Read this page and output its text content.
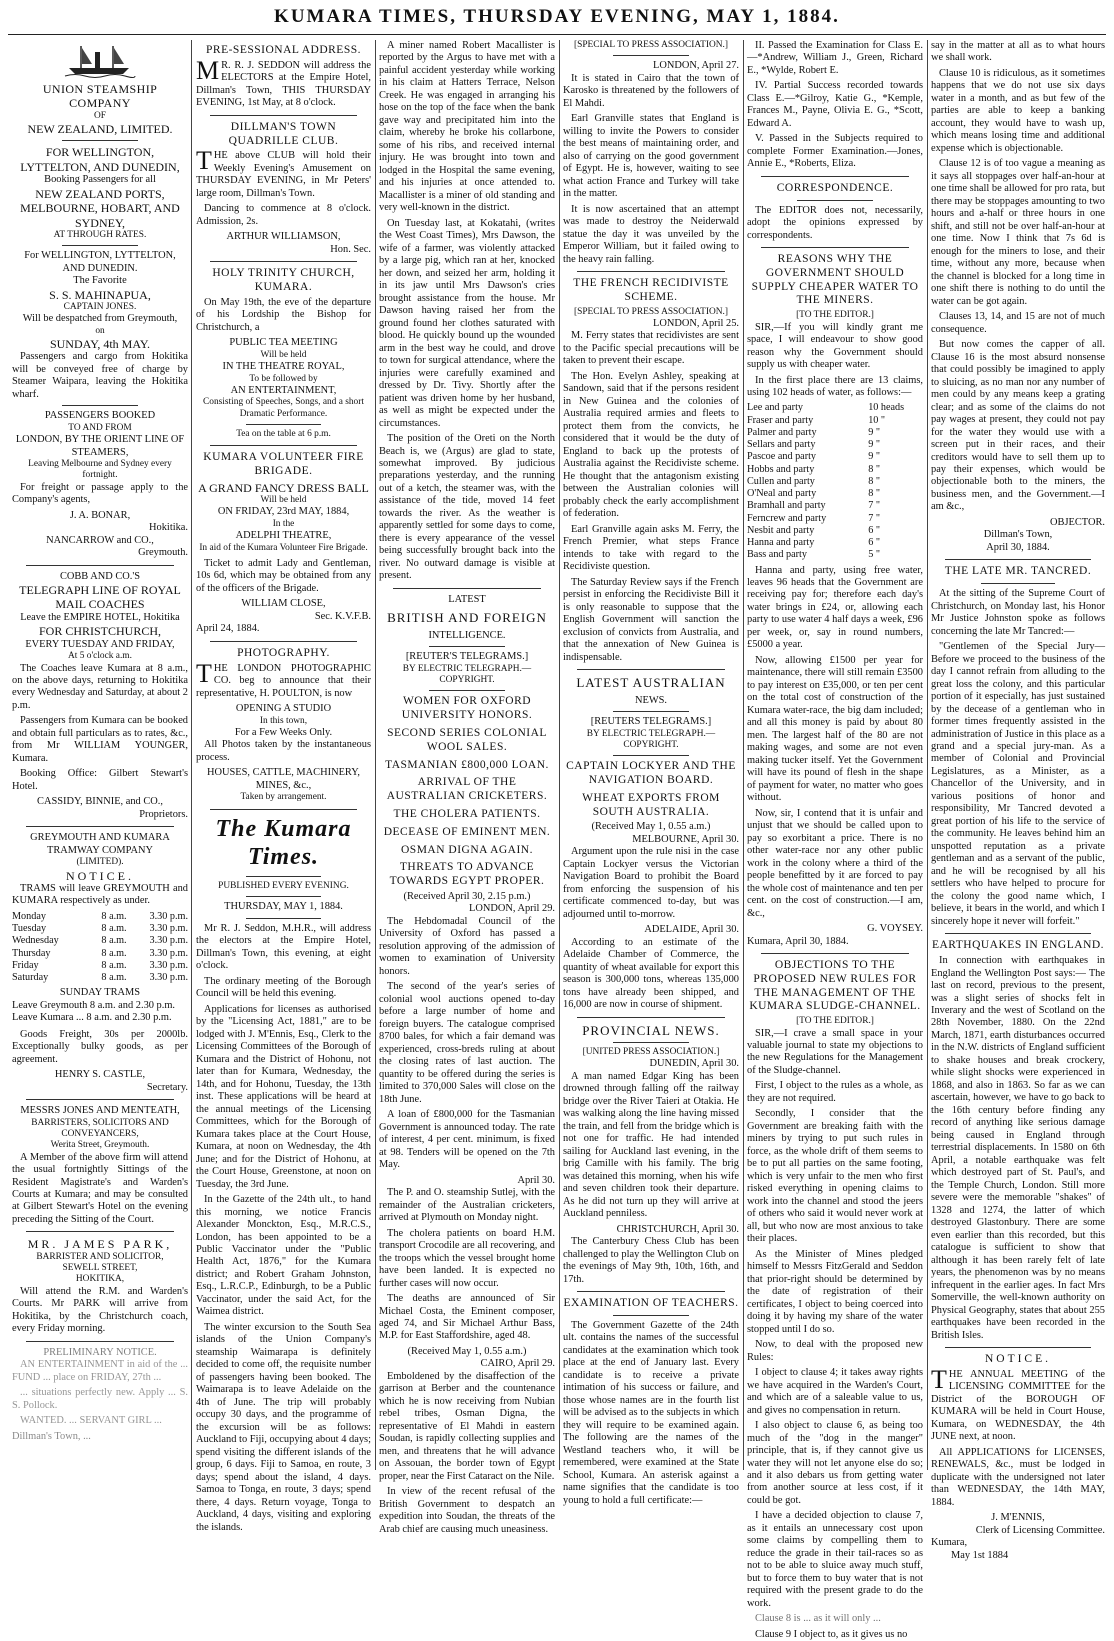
KUMARA TIMES, THURSDAY EVENING, MAY 1, 1884.
UNION STEAMSHIP COMPANY
OF
NEW ZEALAND, LIMITED.
FOR WELLINGTON, LYTTELTON, AND DUNEDIN,
Booking Passengers for all
NEW ZEALAND PORTS, MELBOURNE, HOBART, AND SYDNEY,
AT THROUGH RATES.
For WELLINGTON, LYTTELTON, AND DUNEDIN.
The Favorite
S. S. MAHINAPUA,
CAPTAIN JONES.
Will be despatched from Greymouth,
on
SUNDAY, 4th MAY.

Passengers and cargo from Hokitika will be conveyed free of charge by Steamer Waipara, leaving the Hokitika wharf.

PASSENGERS BOOKED
TO AND FROM
LONDON, BY THE ORIENT LINE OF STEAMERS,
Leaving Melbourne and Sydney every fortnight.

For freight or passage apply to the Company's agents,

J. A. BONAR,
Hokitika.
NANCARROW and CO.,
Greymouth.
COBB AND CO.'S
TELEGRAPH LINE OF ROYAL MAIL COACHES
Leave the EMPIRE HOTEL, Hokitika
FOR CHRISTCHURCH,
EVERY TUESDAY AND FRIDAY,
At 5 o'clock a.m.

The Coaches leave Kumara at 8 a.m., on the above days, returning to Hokitika every Wednesday and Saturday, at about 2 p.m.

Passengers from Kumara can be booked and obtain full particulars as to rates, &c., from Mr WILLIAM YOUNGER, Kumara.

Booking Office: Gilbert Stewart's Hotel.

CASSIDY, BINNIE, and CO.,
Proprietors.
GREYMOUTH AND KUMARA TRAMWAY COMPANY
(LIMITED).
NOTICE.

TRAMS will leave GREYMOUTH and KUMARA respectively as under.

Monday	8 a.m.	3.30 p.m.
Tuesday	8 a.m.	3.30 p.m.
Wednesday	8 a.m.	3.30 p.m.
Thursday	8 a.m.	3.30 p.m.
Friday	8 a.m.	3.30 p.m.
Saturday	8 a.m.	3.30 p.m.
SUNDAY TRAMS
Leave Greymouth 8 a.m. and 2.30 p.m.
Leave Kumara ... 8 a.m. and 2.30 p.m.

Goods Freight, 30s per 2000lb. Exceptionally bulky goods, as per agreement.

HENRY S. CASTLE,
Secretary.
MESSRS JONES AND MENTEATH,
BARRISTERS, SOLICITORS AND CONVEYANCERS,
Werita Street, Greymouth.

A Member of the above firm will attend the usual fortnightly Sittings of the Resident Magistrate's and Warden's Courts at Kumara; and may be consulted at Gilbert Stewart's Hotel on the evening preceding the Sitting of the Court.

MR. JAMES PARK,
BARRISTER AND SOLICITOR,
SEWELL STREET,
HOKITIKA,

Will attend the R.M. and Warden's Courts. Mr PARK will arrive from Hokitika, by the Christchurch coach, every Friday morning.

PRELIMINARY NOTICE.

AN ENTERTAINMENT in aid of the ... FUND ... place on FRIDAY, 27th ...

... situations perfectly new. Apply ... S. S. Pollock.

WANTED. ... SERVANT GIRL ...

Dillman's Town, ...
PRE-SESSIONAL ADDRESS.

MR. R. J. SEDDON will address the ELECTORS at the Empire Hotel, Dillman's Town, THIS THURSDAY EVENING, 1st May, at 8 o'clock.

DILLMAN'S TOWN QUADRILLE CLUB.

THE above CLUB will hold their Weekly Evening's Amusement on THURSDAY EVENING, in Mr Peters' large room, Dillman's Town.

Dancing to commence at 8 o'clock. Admission, 2s.

ARTHUR WILLIAMSON,
Hon. Sec.
HOLY TRINITY CHURCH, KUMARA.

On May 19th, the eve of the departure of his Lordship the Bishop for Christchurch, a

PUBLIC TEA MEETING
Will be held
IN THE THEATRE ROYAL,
To be followed by
AN ENTERTAINMENT,
Consisting of Speeches, Songs, and a short Dramatic Performance.
Tea on the table at 6 p.m.
KUMARA VOLUNTEER FIRE BRIGADE.
A GRAND FANCY DRESS BALL
Will be held
ON FRIDAY, 23rd MAY, 1884,
In the
ADELPHI THEATRE,
In aid of the Kumara Volunteer Fire Brigade.

Ticket to admit Lady and Gentleman, 10s 6d, which may be obtained from any of the officers of the Brigade.

WILLIAM CLOSE,
Sec. K.V.F.B.
April 24, 1884.
PHOTOGRAPHY.

THE LONDON PHOTOGRAPHIC CO. beg to announce that their representative, H. POULTON, is now

OPENING A STUDIO
In this town,
For a Few Weeks Only.

All Photos taken by the instantaneous process.

HOUSES, CATTLE, MACHINERY, MINES, &c.,
Taken by arrangement.
The Kumara Times.
PUBLISHED EVERY EVENING.
THURSDAY, MAY 1, 1884.

Mr R. J. Seddon, M.H.R., will address the electors at the Empire Hotel, Dillman's Town, this evening, at eight o'clock.

The ordinary meeting of the Borough Council will be held this evening.

Applications for licenses as authorised by the "Licensing Act, 1881," are to be lodged with J. M'Ennis, Esq., Clerk to the Licensing Committees of the Borough of Kumara and the District of Hohonu, not later than for Kumara, Wednesday, the 14th, and for Hohonu, Tuesday, the 13th inst. These applications will be heard at the annual meetings of the Licensing Committees, which for the Borough of Kumara takes place at the Court House, Kumara, at noon on Wednesday, the 4th June; and for the District of Hohonu, at the Court House, Greenstone, at noon on Tuesday, the 3rd June.

In the Gazette of the 24th ult., to hand this morning, we notice Francis Alexander Monckton, Esq., M.R.C.S., London, has been appointed to be a Public Vaccinator under the "Public Health Act, 1876," for the Kumara district; and Robert Graham Johnston, Esq., L.R.C.P., Edinburgh, to be a Public Vaccinator, under the said Act, for the Waimea district.

The winter excursion to the South Sea islands of the Union Company's steamship Waimarapa is definitely decided to come off, the requisite number of passengers having been booked. The Waimarapa is to leave Adelaide on the 4th of June. The trip will probably occupy 30 days, and the programme of the excursion will be as follows: Auckland to Fiji, occupying about 4 days; spend visiting the different islands of the group, 6 days. Fiji to Samoa, en route, 3 days; spend about the island, 4 days. Samoa to Tonga, en route, 3 days; spend there, 4 days. Return voyage, Tonga to Auckland, 4 days, visiting and exploring the islands.

A miner named Robert Macallister is reported by the Argus to have met with a painful accident yesterday while working in his claim at Hatters Terrace, Nelson Creek. He was engaged in arranging his hose on the top of the face when the bank gave way and precipitated him into the claim, whereby he broke his collarbone, some of his ribs, and received internal injury. He was brought into town and lodged in the Hospital the same evening, and his injuries at once attended to. Macallister is a miner of old standing and very well-known in the district.

On Tuesday last, at Kokatahi, (writes the West Coast Times), Mrs Dawson, the wife of a farmer, was violently attacked by a large pig, which ran at her, knocked her down, and seized her arm, holding it in its jaw until Mrs Dawson's cries brought assistance from the house. Mr Dawson having raised her from the ground found her clothes saturated with blood. He quickly bound up the wounded arm in the best way he could, and drove to town for surgical attendance, where the injuries were carefully examined and dressed by Dr. Tivy. Shortly after the patient was driven home by her husband, as well as might be expected under the circumstances.

The position of the Oreti on the North Beach is, we (Argus) are glad to state, somewhat improved. By judicious preparations yesterday, and the running out of a ketch, the steamer was, with the assistance of the tide, moved 14 feet towards the river. As the weather is apparently settled for some days to come, there is every appearance of the vessel being successfully brought back into the river. No outward damage is visible at present.

LATEST
BRITISH AND FOREIGN
INTELLIGENCE.
[REUTER'S TELEGRAMS.]
BY ELECTRIC TELEGRAPH.—COPYRIGHT.
WOMEN FOR OXFORD UNIVERSITY HONORS.
SECOND SERIES COLONIAL WOOL SALES.
TASMANIAN £800,000 LOAN.
ARRIVAL OF THE AUSTRALIAN CRICKETERS.
THE CHOLERA PATIENTS.
DECEASE OF EMINENT MEN.
OSMAN DIGNA AGAIN.
THREATS TO ADVANCE TOWARDS EGYPT PROPER.
(Received April 30, 2.15 p.m.)
LONDON, April 29.

The Hebdomadal Council of the University of Oxford has passed a resolution approving of the admission of women to examination of University honors.

The second of the year's series of colonial wool auctions opened to-day before a large number of home and foreign buyers. The catalogue comprised 8700 bales, for which a fair demand was experienced, cross-breds ruling at about the closing rates of last auction. The quantity to be offered during the series is limited to 370,000 Sales will close on the 18th June.

A loan of £800,000 for the Tasmanian Government is announced today. The rate of interest, 4 per cent. minimum, is fixed at 98. Tenders will be opened on the 7th May.

April 30.

The P. and O. steamship Sutlej, with the remainder of the Australian cricketers, arrived at Plymouth on Monday night.

The cholera patients on board H.M. transport Crocodile are all recovering, and the troops which the vessel brought home have been landed. It is expected no further cases will now occur.

The deaths are announced of Sir Michael Costa, the Eminent composer, aged 74, and Sir Michael Arthur Bass, M.P. for East Staffordshire, aged 48.

(Received May 1, 0.55 a.m.)
CAIRO, April 29.

Emboldened by the disaffection of the garrison at Berber and the countenance which he is now receiving from Nubian rebel tribes, Osman Digna, the representative of El Mahdi in eastern Soudan, is rapidly collecting supplies and men, and threatens that he will advance on Assouan, the border town of Egypt proper, near the First Cataract on the Nile.

In view of the recent refusal of the British Government to despatch an expedition into Soudan, the threats of the Arab chief are causing much uneasiness.

[SPECIAL TO PRESS ASSOCIATION.]
LONDON, April 27.

It is stated in Cairo that the town of Karosko is threatened by the followers of El Mahdi.

Earl Granville states that England is willing to invite the Powers to consider the best means of maintaining order, and also of carrying on the good government of Egypt. He is, however, waiting to see what action France and Turkey will take in the matter.

It is now ascertained that an attempt was made to destroy the Neiderwald statue the day it was unveiled by the Emperor William, but it failed owing to the heavy rain falling.

THE FRENCH RECIDIVISTE SCHEME.
[SPECIAL TO PRESS ASSOCIATION.]
LONDON, April 25.

M. Ferry states that recidivistes are sent to the Pacific special precautions will be taken to prevent their escape.

The Hon. Evelyn Ashley, speaking at Sandown, said that if the persons resident in New Guinea and the colonies of Australia required armies and fleets to protect them from the convicts, he considered that it would be the duty of England to back up the protests of Australia against the Recidiviste scheme. He thought that the antagonism existing between the Australian colonies will probably check the early accomplishment of federation.

Earl Granville again asks M. Ferry, the French Premier, what steps France intends to take with regard to the Recidiviste question.

The Saturday Review says if the French persist in enforcing the Recidiviste Bill it is only reasonable to suppose that the English Government will sanction the exclusion of convicts from Australia, and that the annexation of New Guinea is indispensable.

LATEST AUSTRALIAN
NEWS.
[REUTERS TELEGRAMS.]
BY ELECTRIC TELEGRAPH.—COPYRIGHT.
CAPTAIN LOCKYER AND THE NAVIGATION BOARD.
WHEAT EXPORTS FROM SOUTH AUSTRALIA.
(Received May 1, 0.55 a.m.)
MELBOURNE, April 30.

Argument upon the rule nisi in the case Captain Lockyer versus the Victorian Navigation Board to prohibit the Board from enforcing the suspension of his certificate commenced to-day, but was adjourned until to-morrow.

ADELAIDE, April 30.

According to an estimate of the Adelaide Chamber of Commerce, the quantity of wheat available for export this season is 300,000 tons, whereas 135,000 tons have already been shipped, and 16,000 are now in course of shipment.

PROVINCIAL NEWS.
[UNITED PRESS ASSOCIATION.]
DUNEDIN, April 30.

A man named Edgar King has been drowned through falling off the railway bridge over the River Taieri at Otakia. He was walking along the line having missed the train, and fell from the bridge which is not one for traffic. He had intended sailing for Auckland last evening, in the brig Camille with his family. The brig was detained this morning, when his wife and seven children took their departure. As he did not turn up they will arrive at Auckland penniless.

CHRISTCHURCH, April 30.

The Canterbury Chess Club has been challenged to play the Wellington Club on the evenings of May 9th, 10th, 16th, and 17th.

EXAMINATION OF TEACHERS.

The Government Gazette of the 24th ult. contains the names of the successful candidates at the examination which took place at the end of January last. Every candidate is to receive a private intimation of his success or failure, and those whose names are in the fourth list will be advised as to the subjects in which they will require to be examined again. The following are the names of the Westland teachers who, it will be remembered, were examined at the State School, Kumara. An asterisk against a name signifies that the candidate is too young to hold a full certificate:—

II. Passed the Examination for Class E.—*Andrew, William J., Green, Richard E., *Wylde, Robert E.

IV. Partial Success recorded towards Class E.—*Gilroy, Katie G., *Kemple, Frances M., Payne, Olivia E. G., *Scott, Edward A.

V. Passed in the Subjects required to complete Former Examination.—Jones, Annie E., *Roberts, Eliza.

CORRESPONDENCE.

The EDITOR does not, necessarily, adopt the opinions expressed by correspondents.

REASONS WHY THE GOVERNMENT SHOULD SUPPLY CHEAPER WATER TO THE MINERS.
[TO THE EDITOR.]

SIR,—If you will kindly grant me space, I will endeavour to show good reason why the Government should supply us with cheaper water.

In the first place there are 13 claims, using 102 heads of water, as follows:—

Lee and party	10 heads
Fraser and party	10 "
Palmer and party	9 "
Sellars and party	9 "
Pascoe and party	9 "
Hobbs and party	8 "
Cullen and party	8 "
O'Neal and party	8 "
Bramhall and party	7 "
Ferncrew and party	7 "
Nesbit and party	6 "
Hanna and party	6 "
Bass and party	5 "

Hanna and party, using free water, leaves 96 heads that the Government are receiving pay for; therefore each day's water brings in £24, or, allowing each party to use water 4 half days a week, £96 per week, or, say in round numbers, £5000 a year.

Now, allowing £1500 per year for maintenance, there will still remain £3500 to pay interest on £35,000, or ten per cent on the total cost of construction of the Kumara water-race, the big dam included; and all this money is paid by about 80 men. The largest half of the 80 are not making wages, and some are not even making tucker itself. Yet the Government will have its pound of flesh in the shape of payment for water, no matter who goes without.

Now, sir, I contend that it is unfair and unjust that we should be called upon to pay so exorbitant a price. There is no other water-race nor any other public work in the colony where a third of the people benefitted by it are forced to pay the whole cost of maintenance and ten per cent. on the cost of construction.—I am, &c.,

G. VOYSEY.
Kumara, April 30, 1884.
OBJECTIONS TO THE PROPOSED NEW RULES FOR THE MANAGEMENT OF THE KUMARA SLUDGE-CHANNEL.
[TO THE EDITOR.]

SIR,—I crave a small space in your valuable journal to state my objections to the new Regulations for the Management of the Sludge-channel.

First, I object to the rules as a whole, as they are not required.

Secondly, I consider that the Government are breaking faith with the miners by trying to put such rules in force, as the whole drift of them seems to be to put all parties on the same footing, which is very unfair to the men who first risked everything in opening claims to work into the channel and stood the jeers of others who said it would never work at all, but who now are most anxious to take their places.

As the Minister of Mines pledged himself to Messrs FitzGerald and Seddon that prior-right should be determined by the date of registration of their certificates, I object to being coerced into doing it by having my share of the water stopped until I do so.

Now, to deal with the proposed new Rules:

I object to clause 4; it takes away rights we have acquired in the Warden's Court, and which are of a saleable value to us, and gives no compensation in return.

I also object to clause 6, as being too much of the "dog in the manger" principle, that is, if they cannot give us water they will not let anyone else do so; and it also debars us from getting water from another source at less cost, if it could be got.

I have a decided objection to clause 7, as it entails an unnecessary cost upon some claims by compelling them to reduce the grade in their tail-races so as not to be able to sluice away much stuff, but to force them to buy water that is not required with the present grade to do the work.

Clause 8 is ... as it will only ...

Clause 9 I object to, as it gives us no

say in the matter at all as to what hours we shall work.

Clause 10 is ridiculous, as it sometimes happens that we do not use six days water in a month, and as but few of the parties are able to keep a banking account, they would have to wash up, which means losing time and additional expense which is objectionable.

Clause 12 is of too vague a meaning as it says all stoppages over half-an-hour at one time shall be allowed for pro rata, but there may be stoppages amounting to two hours and a-half or three hours in one shift, and still not be over half-an-hour at one time. Now I think that 7s 6d is enough for the miners to lose, and their time, without any more, because when the channel is blocked for a long time in one shift there is nothing to do until the water can be got again.

Clauses 13, 14, and 15 are not of much consequence.

But now comes the capper of all. Clause 16 is the most absurd nonsense that could possibly be imagined to apply to sluicing, as no man nor any number of men could by any means keep a grating clear; and as some of the claims do not pay wages at present, they could not pay for the water they would use with a screen put in their races, and their creditors would have to sell them up to pay their expenses, which would be objectionable both to the miners, the business men, and the Government.—I am &c.,

OBJECTOR.
Dillman's Town,
April 30, 1884.
THE LATE MR. TANCRED.

At the sitting of the Supreme Court of Christchurch, on Monday last, his Honor Mr Justice Johnston spoke as follows concerning the late Mr Tancred:—

"Gentlemen of the Special Jury—Before we proceed to the business of the day I cannot refrain from alluding to the great loss the colony, and this particular portion of it especially, has just sustained by the decease of a gentleman who in former times frequently assisted in the administration of Justice in this place as a grand and a special jury-man. As a member of Colonial and Provincial Legislatures, as a Minister, as a Chancellor of the University, and in various positions of honor and responsibility, Mr Tancred devoted a great portion of his life to the service of the community. He leaves behind him an unspotted reputation as a private gentleman and as a servant of the public, and he will be recognised by all his settlers who have helped to procure for the colony the good name which, I believe, it bears in the world, and which I sincerely hope it never will forfeit."

EARTHQUAKES IN ENGLAND.

In connection with earthquakes in England the Wellington Post says:— The last on record, previous to the present, was a slight series of shocks felt in Inverary and the west of Scotland on the 28th November, 1880. On the 22nd March, 1871, earth disturbances occurred in the N.W. districts of England sufficient to shake houses and break crockery, while slight shocks were experienced in 1868, and also in 1863. So far as we can ascertain, however, we have to go back to the 16th century before finding any record of anything like serious damage being caused in England through terrestrial displacements. In 1580 on 6th April, a notable earthquake was felt which destroyed part of St. Paul's, and the Temple Church, London. Still more severe were the memorable "shakes" of 1328 and 1274, the latter of which destroyed Glastonbury. There are some even earlier than this recorded, but this catalogue is sufficient to show that although it has been rarely felt of late years, the phenomenon was by no means infrequent in the earlier ages. In fact Mrs Somerville, the well-known authority on Physical Geography, states that about 255 earthquakes have been recorded in the British Isles.

NOTICE.

THE ANNUAL MEETING of the LICENSING COMMITTEE for the District of the BOROUGH OF KUMARA will be held in Court House, Kumara, on WEDNESDAY, the 4th JUNE next, at noon.

All APPLICATIONS for LICENSES, RENEWALS, &c., must be lodged in duplicate with the undersigned not later than WEDNESDAY, the 14th MAY, 1884.

J. M'ENNIS,
Clerk of Licensing Committee.
Kumara,
May 1st 1884
